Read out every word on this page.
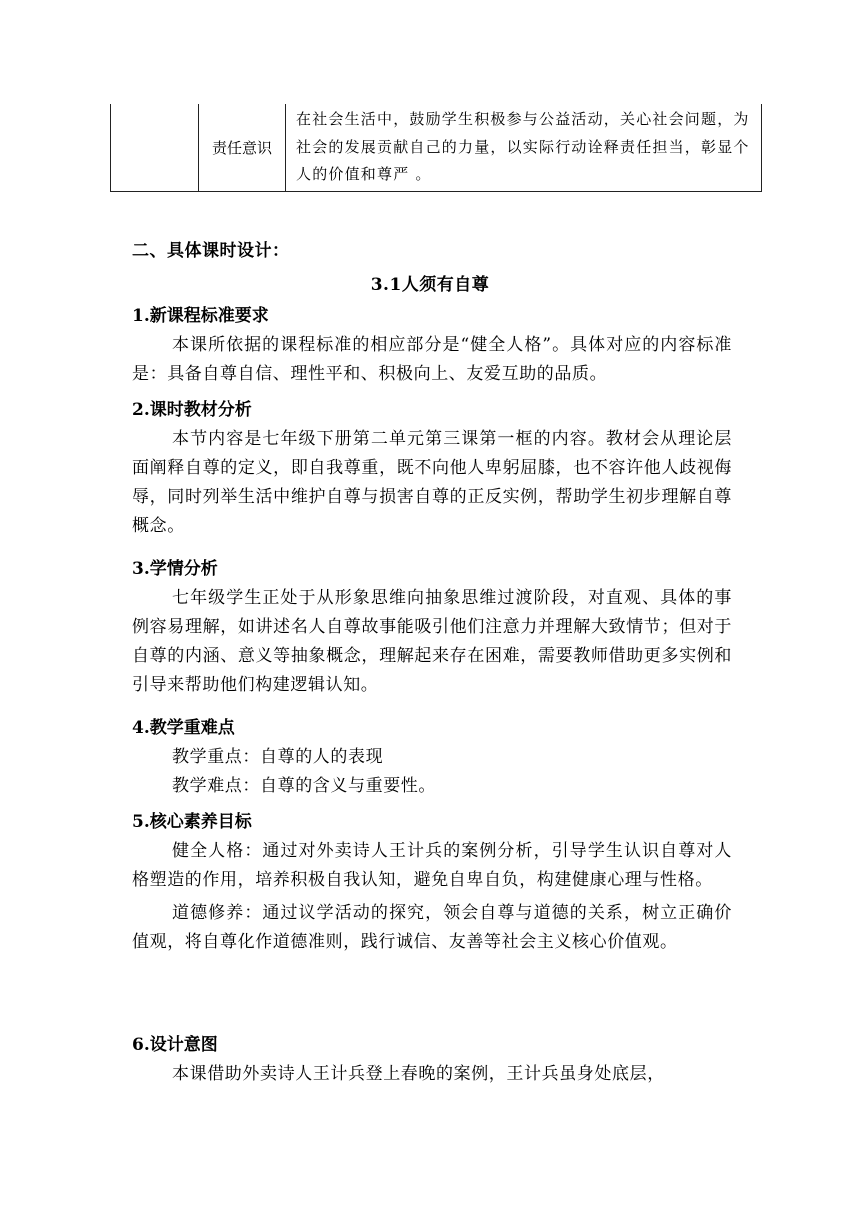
责任意识
在社会生活中，鼓励学生积极参与公益活动，关心社会问题，为社会的发展贡献自己的力量，以实际行动诠释责任担当，彰显个人的价值和尊严 。
二、具体课时设计：
3.1人须有自尊
1.新课程标准要求
本课所依据的课程标准的相应部分是“健全人格”。具体对应的内容标准是：具备自尊自信、理性平和、积极向上、友爱互助的品质。
2.课时教材分析
本节内容是七年级下册第二单元第三课第一框的内容。教材会从理论层面阐释自尊的定义，即自我尊重，既不向他人卑躬屈膝，也不容许他人歧视侮辱，同时列举生活中维护自尊与损害自尊的正反实例，帮助学生初步理解自尊概念。
3.学情分析
七年级学生正处于从形象思维向抽象思维过渡阶段，对直观、具体的事例容易理解，如讲述名人自尊故事能吸引他们注意力并理解大致情节；但对于自尊的内涵、意义等抽象概念，理解起来存在困难，需要教师借助更多实例和引导来帮助他们构建逻辑认知。
4.教学重难点
教学重点：自尊的人的表现
教学难点：自尊的含义与重要性。
5.核心素养目标
健全人格：通过对外卖诗人王计兵的案例分析，引导学生认识自尊对人格塑造的作用，培养积极自我认知，避免自卑自负，构建健康心理与性格。
道德修养：通过议学活动的探究，领会自尊与道德的关系，树立正确价值观，将自尊化作道德准则，践行诚信、友善等社会主义核心价值观。
6.设计意图
本课借助外卖诗人王计兵登上春晚的案例，王计兵虽身处底层，
